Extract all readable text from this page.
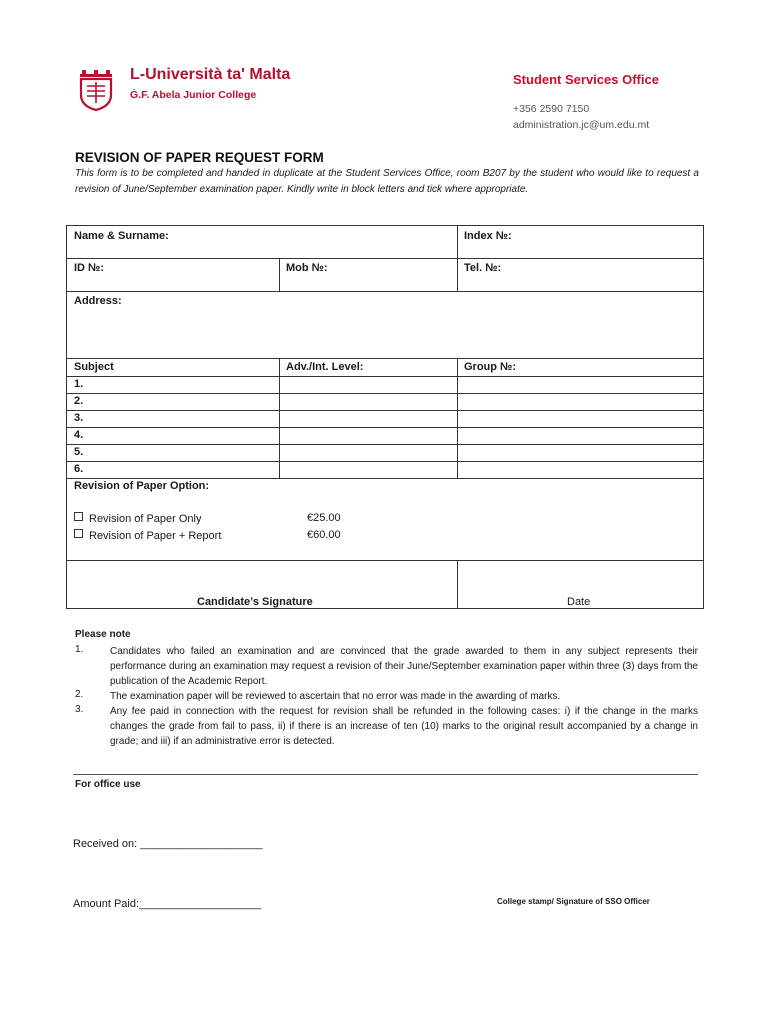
L-Università ta' Malta
Ġ.F. Abela Junior College
Student Services Office
+356 2590 7150
administration.jc@um.edu.mt
REVISION OF PAPER REQUEST FORM
This form is to be completed and handed in duplicate at the Student Services Office, room B207 by the student who would like to request a revision of June/September examination paper. Kindly write in block letters and tick where appropriate.
Name & Surname:	Index №:
ID №:	Mob №:	Tel. №:
Address:
Subject	Adv./Int. Level:	Group №:
1.
2.
3.
4.
5.
6.
Revision of Paper Option:
Revision of Paper Only	€25.00
Revision of Paper + Report	€60.00
Candidate’s Signature	Date
Please note
1.	Candidates who failed an examination and are convinced that the grade awarded to them in any subject represents their performance during an examination may request a revision of their June/September examination paper within three (3) days from the publication of the Academic Report.
2.	The examination paper will be reviewed to ascertain that no error was made in the awarding of marks.
3.	Any fee paid in connection with the request for revision shall be refunded in the following cases: i) if the change in the marks changes the grade from fail to pass, ii) if there is an increase of ten (10) marks to the original result accompanied by a change in grade; and iii) if an administrative error is detected.
For office use
Received on: ____________________
Amount Paid:____________________	College stamp/ Signature of SSO Officer
